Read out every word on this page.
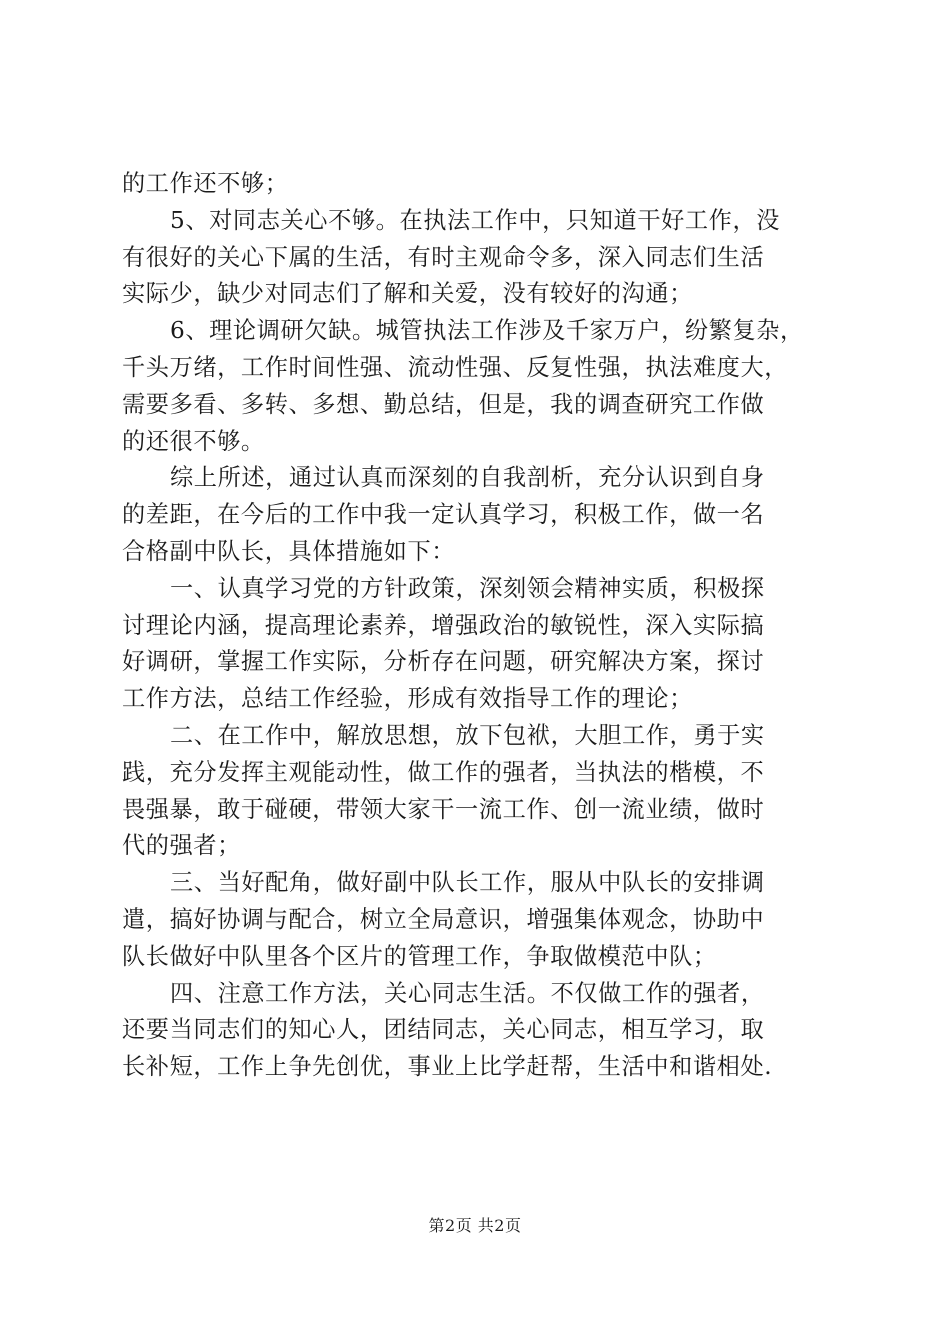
的工作还不够；
5、对同志关心不够。在执法工作中，只知道干好工作，没
有很好的关心下属的生活，有时主观命令多，深入同志们生活
实际少，缺少对同志们了解和关爱，没有较好的沟通；
6、理论调研欠缺。城管执法工作涉及千家万户，纷繁复杂，
千头万绪，工作时间性强、流动性强、反复性强，执法难度大，
需要多看、多转、多想、勤总结，但是，我的调查研究工作做
的还很不够。
综上所述，通过认真而深刻的自我剖析，充分认识到自身
的差距，在今后的工作中我一定认真学习，积极工作，做一名
合格副中队长，具体措施如下：
一、认真学习党的方针政策，深刻领会精神实质，积极探
讨理论内涵，提高理论素养，增强政治的敏锐性，深入实际搞
好调研，掌握工作实际，分析存在问题，研究解决方案，探讨
工作方法，总结工作经验，形成有效指导工作的理论；
二、在工作中，解放思想，放下包袱，大胆工作，勇于实
践，充分发挥主观能动性，做工作的强者，当执法的楷模，不
畏强暴，敢于碰硬，带领大家干一流工作、创一流业绩，做时
代的强者；
三、当好配角，做好副中队长工作，服从中队长的安排调
遣，搞好协调与配合，树立全局意识，增强集体观念，协助中
队长做好中队里各个区片的管理工作，争取做模范中队；
四、注意工作方法，关心同志生活。不仅做工作的强者，
还要当同志们的知心人，团结同志，关心同志，相互学习，取
长补短，工作上争先创优，事业上比学赶帮，生活中和谐相处.
第2页 共2页
